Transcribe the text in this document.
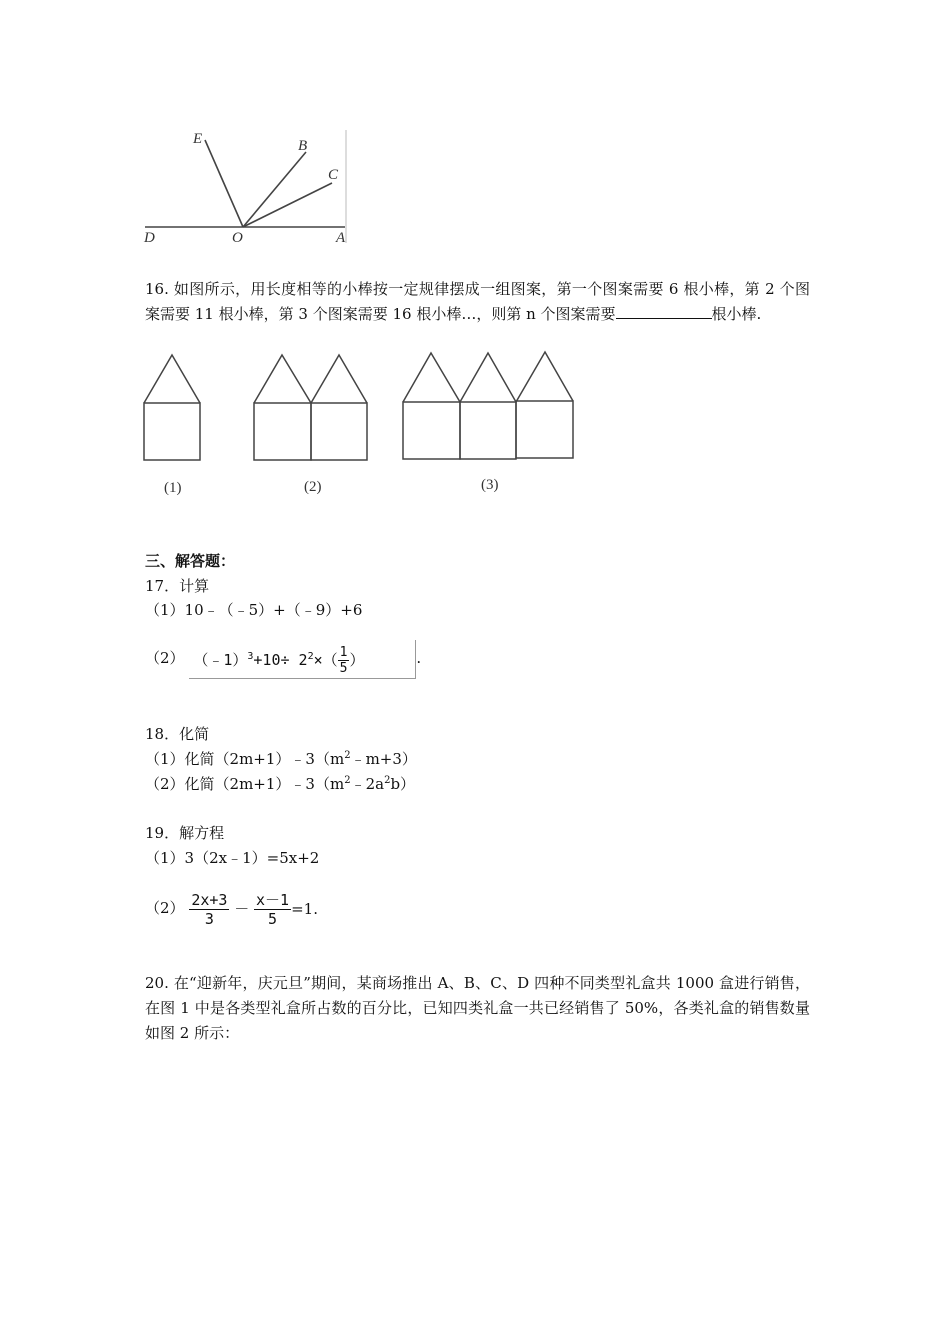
E	B
C
D	O	A
16. 如图所示，用长度相等的小棒按一定规律摆成一组图案，第一个图案需要 6 根小棒，第 2 个图案需要 11 根小棒，第 3 个图案需要 16 根小棒…，则第 n 个图案需要	根小棒.
(1)	(2)	(3)
三、解答题：
17．计算
（1）10﹣（﹣5）+（﹣9）+6
（2） （﹣1）$^3$+10÷ $2^2\times( \frac{1}{5}$ ）	.
18．化简
（1）化简$(2m+1)﹣3(m^2﹣m+3)$
（2）化简$(2m+1)﹣3(m^2﹣2a^2b)$
19．解方程
（1）3（2x﹣1）=5x+2
$(2) \frac{2x+3}{3} - \frac{x-1}{5} =1$.
20. 在“迎新年，庆元旦”期间，某商场推出 A、B、C、D 四种不同类型礼盒共 1000 盒进行销售，在图 1 中是各类型礼盒所占数的百分比，已知四类礼盒一共已经销售了 50%，各类礼盒的销售数量如图 2 所示：
